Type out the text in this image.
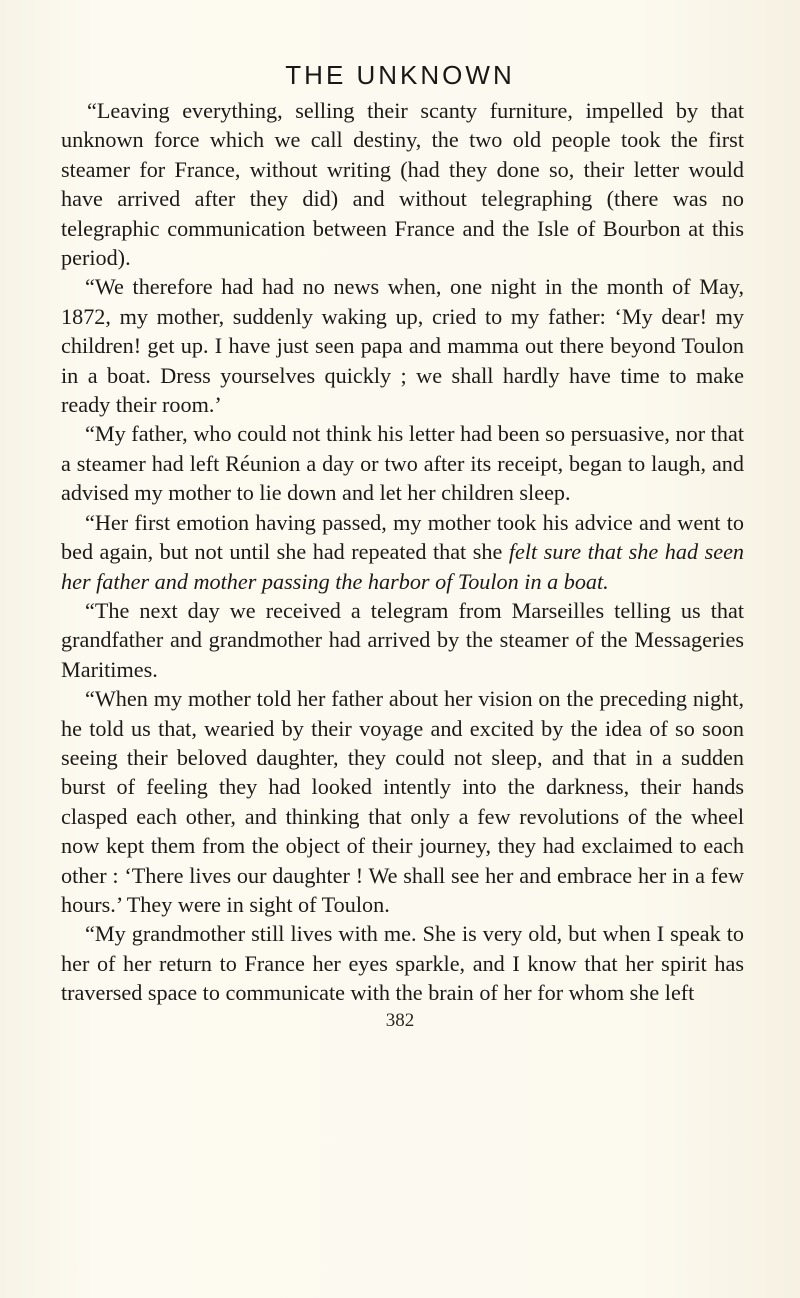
THE UNKNOWN

“Leaving everything, selling their scanty furniture, impelled by that unknown force which we call destiny, the two old people took the first steamer for France, without writing (had they done so, their letter would have arrived after they did) and without telegraphing (there was no telegraphic communication between France and the Isle of Bourbon at this period).

“We therefore had had no news when, one night in the month of May, 1872, my mother, suddenly waking up, cried to my father: ‘My dear! my children! get up. I have just seen papa and mamma out there beyond Toulon in a boat. Dress yourselves quickly ; we shall hardly have time to make ready their room.’

“My father, who could not think his letter had been so persuasive, nor that a steamer had left Réunion a day or two after its receipt, began to laugh, and advised my mother to lie down and let her children sleep.

“Her first emotion having passed, my mother took his advice and went to bed again, but not until she had repeated that she felt sure that she had seen her father and mother passing the harbor of Toulon in a boat.

“The next day we received a telegram from Marseilles telling us that grandfather and grandmother had arrived by the steamer of the Messageries Maritimes.

“When my mother told her father about her vision on the preceding night, he told us that, wearied by their voyage and excited by the idea of so soon seeing their beloved daughter, they could not sleep, and that in a sudden burst of feeling they had looked intently into the darkness, their hands clasped each other, and thinking that only a few revolutions of the wheel now kept them from the object of their journey, they had exclaimed to each other : ‘There lives our daughter ! We shall see her and embrace her in a few hours.’ They were in sight of Toulon.

“My grandmother still lives with me. She is very old, but when I speak to her of her return to France her eyes sparkle, and I know that her spirit has traversed space to communicate with the brain of her for whom she left

382
